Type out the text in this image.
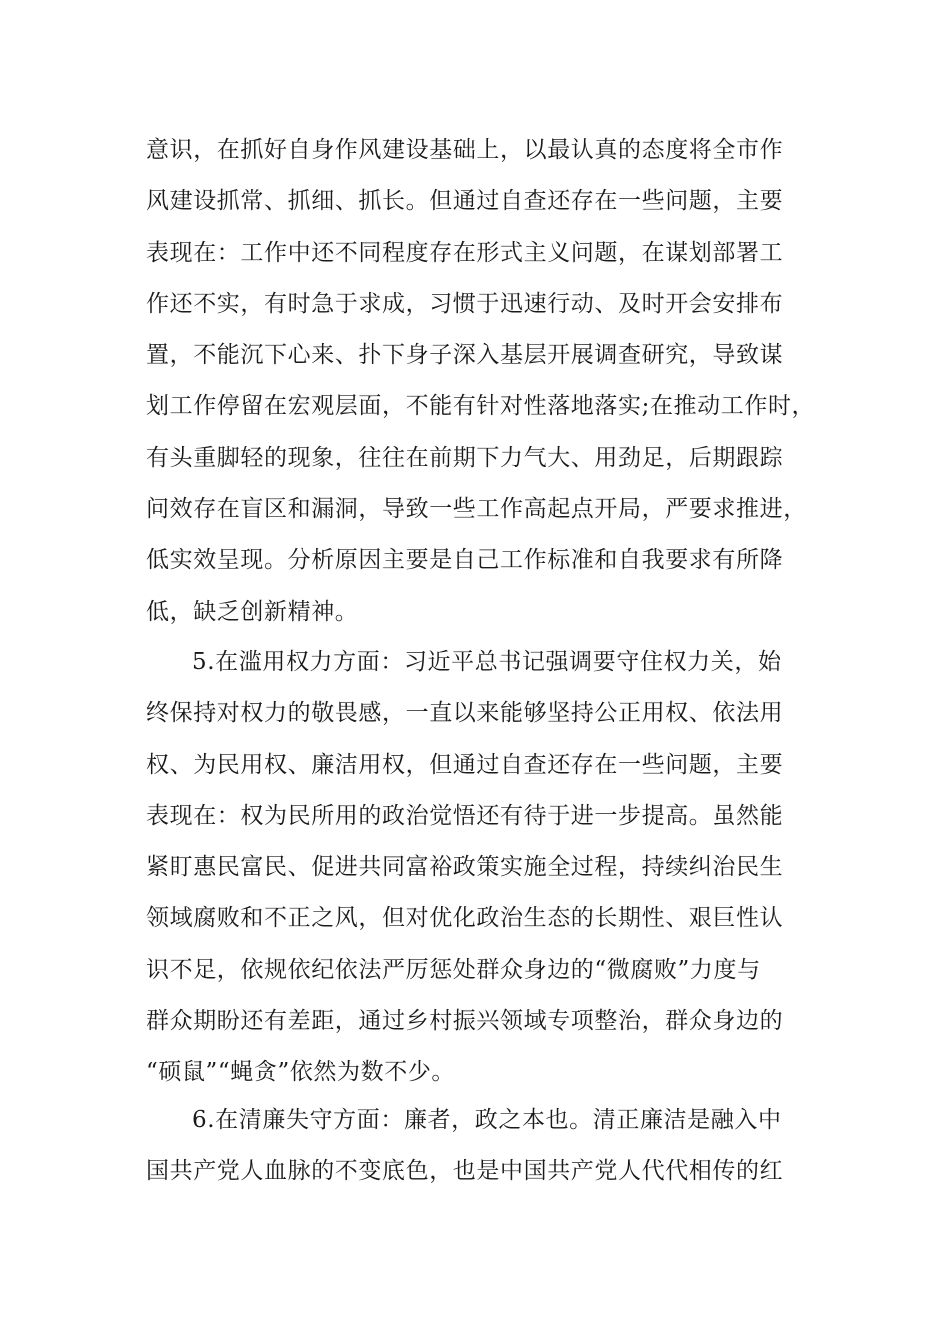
意识，在抓好自身作风建设基础上，以最认真的态度将全市作
风建设抓常、抓细、抓长。但通过自查还存在一些问题，主要
表现在：工作中还不同程度存在形式主义问题，在谋划部署工
作还不实，有时急于求成，习惯于迅速行动、及时开会安排布
置，不能沉下心来、扑下身子深入基层开展调查研究，导致谋
划工作停留在宏观层面，不能有针对性落地落实;在推动工作时，
有头重脚轻的现象，往往在前期下力气大、用劲足，后期跟踪
问效存在盲区和漏洞，导致一些工作高起点开局，严要求推进，
低实效呈现。分析原因主要是自己工作标准和自我要求有所降
低，缺乏创新精神。
5.在滥用权力方面：习近平总书记强调要守住权力关，始
终保持对权力的敬畏感，一直以来能够坚持公正用权、依法用
权、为民用权、廉洁用权，但通过自查还存在一些问题，主要
表现在：权为民所用的政治觉悟还有待于进一步提高。虽然能
紧盯惠民富民、促进共同富裕政策实施全过程，持续纠治民生
领域腐败和不正之风，但对优化政治生态的长期性、艰巨性认
识不足，依规依纪依法严厉惩处群众身边的“微腐败”力度与
群众期盼还有差距，通过乡村振兴领域专项整治，群众身边的
“硕鼠”“蝇贪”依然为数不少。
6.在清廉失守方面：廉者，政之本也。清正廉洁是融入中
国共产党人血脉的不变底色，也是中国共产党人代代相传的红
